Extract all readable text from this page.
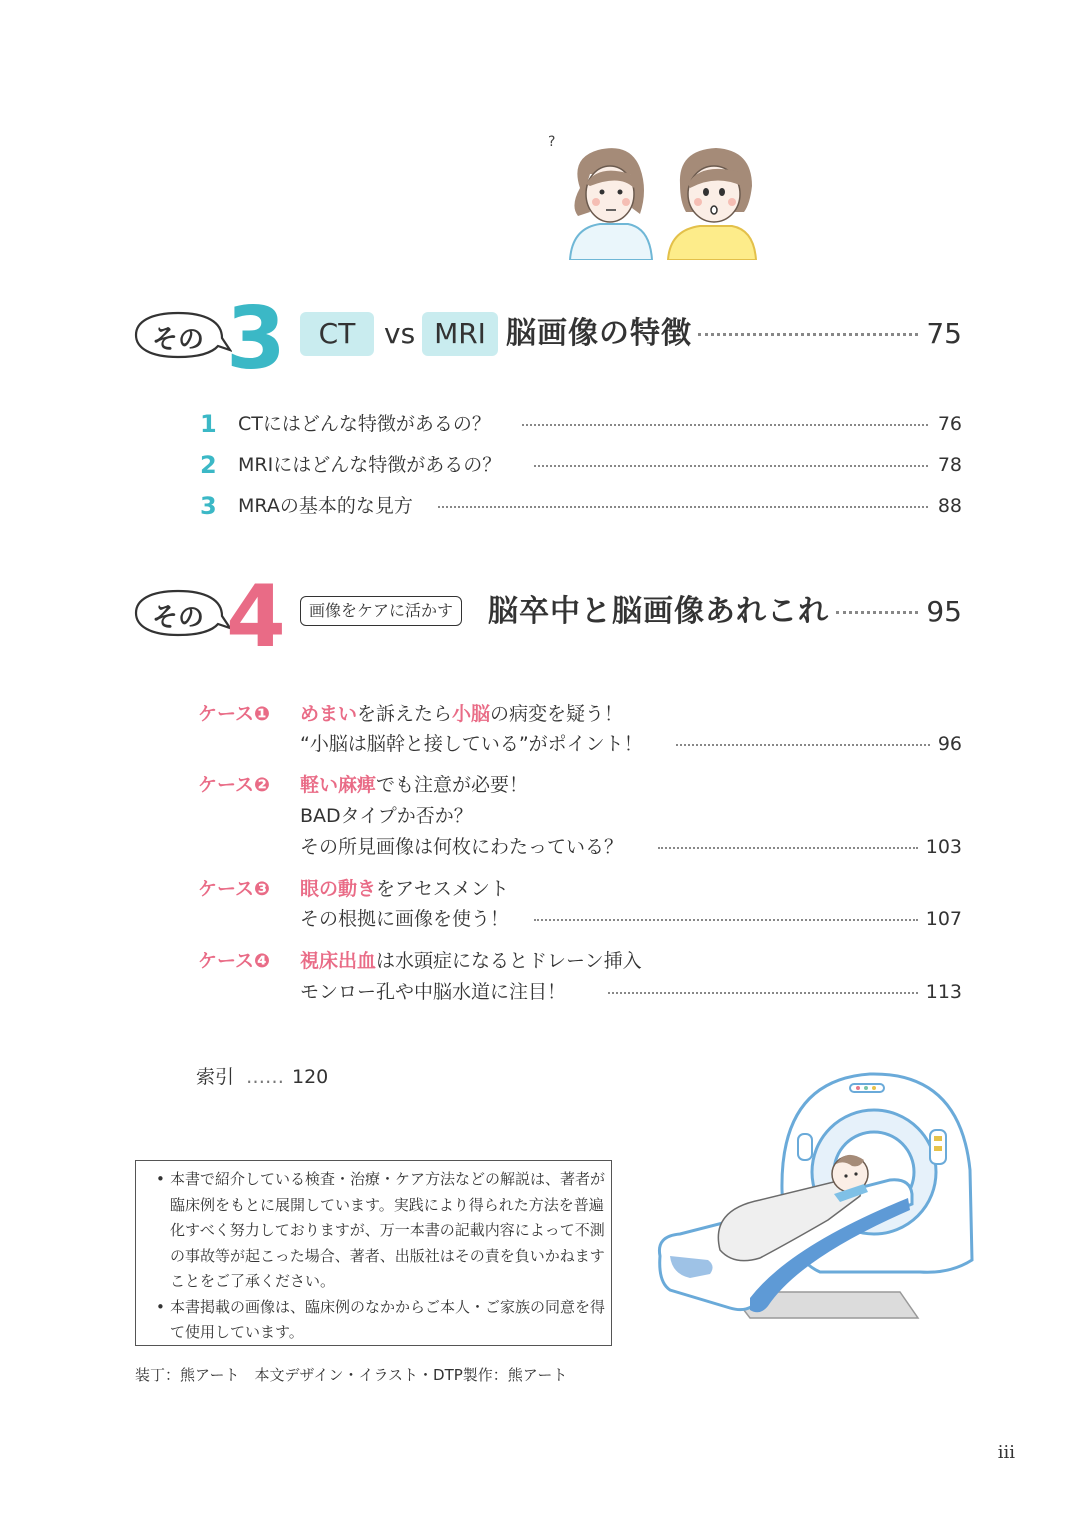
?
その 3	CT	vs MRI 脳画像の特徴	75
1 CTにはどんな特徴があるの？	76
2 MRIにはどんな特徴があるの？	78
3 MRAの基本的な見方	88
その 4	画像をケアに活かす	脳卒中と脳画像あれこれ	95
ケース❶ めまいを訴えたら小脳の病変を疑う！
“小脳は脳幹と接している”がポイント！	96
ケース❷ 軽い麻痺でも注意が必要！
BADタイプか否か？
その所見画像は何枚にわたっている？	103
ケース❸ 眼の動きをアセスメント
その根拠に画像を使う！	107
ケース❹ 視床出血は水頭症になるとドレーン挿入
モンロー孔や中脳水道に注目！	113
索引 …… 120
• 本書で紹介している検査・治療・ケア方法などの解説は、著者が臨床例をもとに展開しています。実践により得られた方法を普遍化すべく努力しておりますが、万一本書の記載内容によって不測の事故等が起こった場合、著者、出版社はその責を負いかねますことをご了承ください。
• 本書掲載の画像は、臨床例のなかからご本人・ご家族の同意を得て使用しています。
装丁：熊アート　本文デザイン・イラスト・DTP製作：熊アート
iii
